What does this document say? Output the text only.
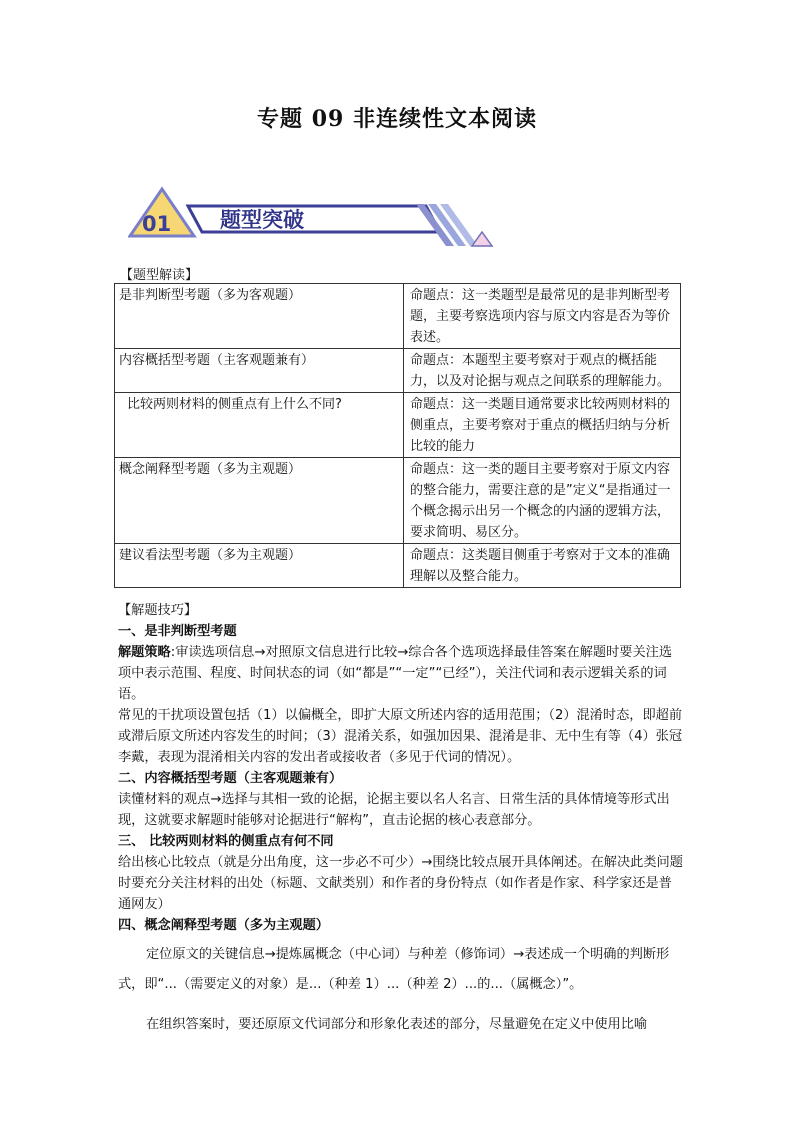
专题 09 非连续性文本阅读
01 题型突破
【题型解读】
是非判断型考题（多为客观题）	命题点：这一类题型是最常见的是非判断型考题，主要考察选项内容与原文内容是否为等价表述。
内容概括型考题（主客观题兼有）	命题点：本题型主要考察对于观点的概括能力，以及对论据与观点之间联系的理解能力。
比较两则材料的侧重点有上什么不同?	命题点：这一类题目通常要求比较两则材料的侧重点，主要考察对于重点的概括归纳与分析比较的能力
概念阐释型考题（多为主观题）	命题点：这一类的题目主要考察对于原文内容的整合能力，需要注意的是”定义“是指通过一个概念揭示出另一个概念的内涵的逻辑方法，要求简明、易区分。
建议看法型考题（多为主观题）	命题点：这类题目侧重于考察对于文本的准确理解以及整合能力。

【解题技巧】

一、是非判断型考题

解题策略:审读选项信息→对照原文信息进行比较→综合各个选项选择最佳答案在解题时要关注选项中表示范围、程度、时间状态的词（如“都是”“一定”“已经”），关注代词和表示逻辑关系的词语。

常见的干扰项设置包括（1）以偏概全，即扩大原文所述内容的适用范围；（2）混淆时态，即超前或滞后原文所述内容发生的时间；（3）混淆关系，如强加因果、混淆是非、无中生有等（4）张冠李戴，表现为混淆相关内容的发出者或接收者（多见于代词的情况）。

二、内容概括型考题（主客观题兼有）

读懂材料的观点→选择与其相一致的论据，论据主要以名人名言、日常生活的具体情境等形式出现，这就要求解题时能够对论据进行“解构”，直击论据的核心表意部分。

三、 比较两则材料的侧重点有何不同

给出核心比较点（就是分出角度，这一步必不可少）→围绕比较点展开具体阐述。在解决此类问题时要充分关注材料的出处（标题、文献类别）和作者的身份特点（如作者是作家、科学家还是普通网友）

四、概念阐释型考题（多为主观题）

定位原文的关键信息→提炼属概念（中心词）与种差（修饰词）→表述成一个明确的判断形式，即“...（需要定义的对象）是...（种差 1）...（种差 2）...的...（属概念）”。

在组织答案时，要还原原文代词部分和形象化表述的部分，尽量避免在定义中使用比喻
